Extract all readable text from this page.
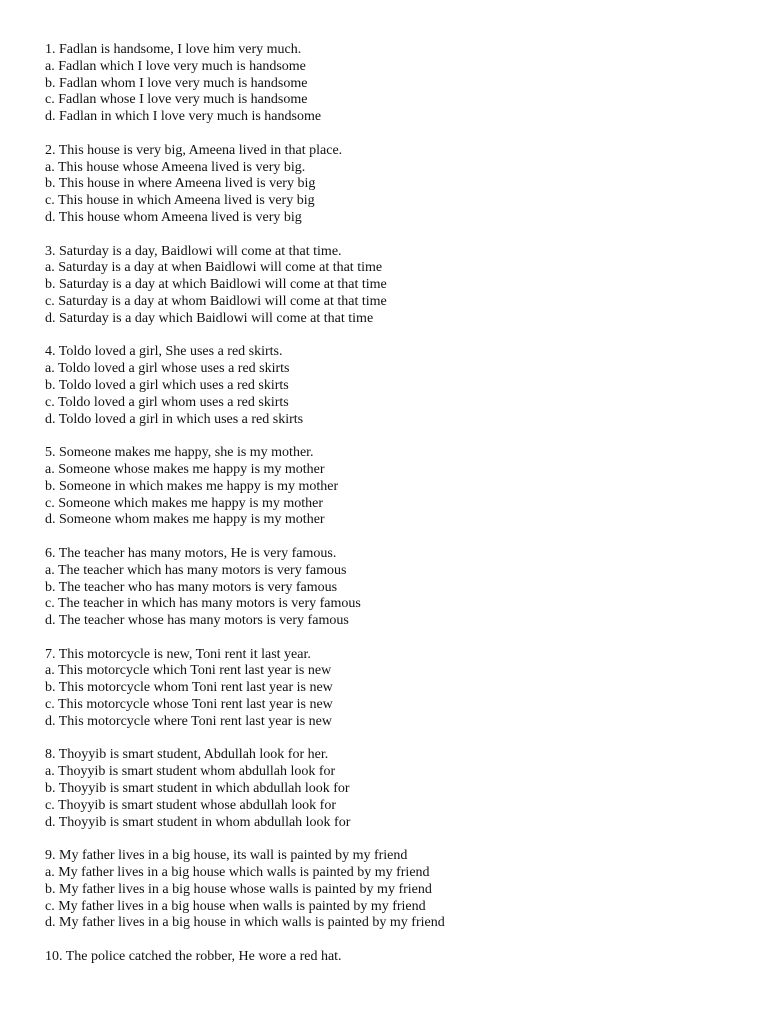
1. Fadlan is handsome, I love him very much.
a. Fadlan which I love very much is handsome
b. Fadlan whom I love very much is handsome
c. Fadlan whose I love very much is handsome
d. Fadlan in which I love very much is handsome
2. This house is very big, Ameena lived in that place.
a. This house whose Ameena lived is very big.
b. This house in where Ameena lived is very big
c. This house in which Ameena lived is very big
d. This house whom Ameena lived is very big
3. Saturday is a day, Baidlowi will come at that time.
a. Saturday is a day at when Baidlowi will come at that time
b. Saturday is a day at which Baidlowi will come at that time
c. Saturday is a day at whom Baidlowi will come at that time
d. Saturday is a day which Baidlowi will come at that time
4. Toldo loved a girl, She uses a red skirts.
a. Toldo loved a girl whose uses a red skirts
b. Toldo loved a girl which uses a red skirts
c. Toldo loved a girl whom uses a red skirts
d. Toldo loved a girl in which uses a red skirts
5. Someone makes me happy, she is my mother.
a. Someone whose makes me happy is my mother
b. Someone in which makes me happy is my mother
c. Someone which makes me happy is my mother
d. Someone whom makes me happy is my mother
6. The teacher has many motors, He is very famous.
a. The teacher which has many motors is very famous
b. The teacher who has many motors is very famous
c. The teacher in which has many motors is very famous
d. The teacher whose has many motors is very famous
7. This motorcycle is new, Toni rent it last year.
a. This motorcycle which Toni rent last year is new
b. This motorcycle whom Toni rent last year is new
c. This motorcycle whose Toni rent last year is new
d. This motorcycle where Toni rent last year is new
8. Thoyyib is smart student, Abdullah look for her.
a. Thoyyib is smart student whom abdullah look for
b. Thoyyib is smart student in which abdullah look for
c. Thoyyib is smart student whose abdullah look for
d. Thoyyib is smart student in whom abdullah look for
9. My father lives in a big house, its wall is painted by my friend
a. My father lives in a big house which walls is painted by my friend
b. My father lives in a big house whose walls is painted by my friend
c. My father lives in a big house when walls is painted by my friend
d. My father lives in a big house in which walls is painted by my friend
10. The police catched the robber, He wore a red hat.
